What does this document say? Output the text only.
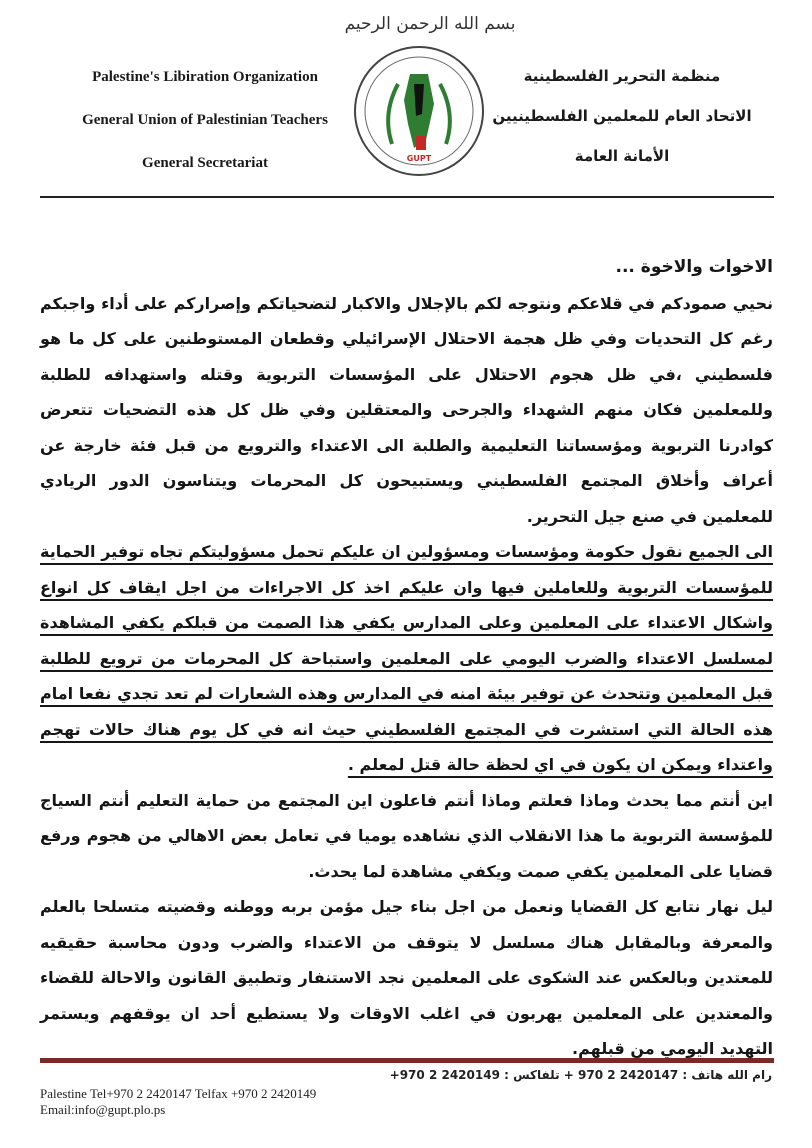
بسم الله الرحمن الرحيم
Palestine's Libiration Organization
General Union of Palestinian Teachers
General Secretariat	GUPT
منظمة التحرير الفلسطينية
الاتحاد العام للمعلمين الفلسطينيين
الأمانة العامة

الاخوات والاخوة ...

نحيي صمودكم في قلاعكم ونتوجه لكم بالإجلال والاكبار لتضحياتكم وإصراركم على أداء واجبكم رغم كل التحديات وفي ظل هجمة الاحتلال الإسرائيلي وقطعان المستوطنين على كل ما هو فلسطيني ،في ظل هجوم الاحتلال على المؤسسات التربوية وقتله واستهدافه للطلبة وللمعلمين فكان منهم الشهداء والجرحى والمعتقلين وفي ظل كل هذه التضحيات تتعرض كوادرنا التربوية ومؤسساتنا التعليمية والطلبة الى الاعتداء والترويع من قبل فئة خارجة عن أعراف وأخلاق المجتمع الفلسطيني ويستبيحون كل المحرمات ويتناسون الدور الريادي للمعلمين في صنع جيل التحرير.

الى الجميع نقول حكومة ومؤسسات ومسؤولين ان عليكم تحمل مسؤوليتكم تجاه توفير الحماية للمؤسسات التربوية وللعاملين فيها وان عليكم اخذ كل الاجراءات من اجل ايقاف كل انواع واشكال الاعتداء على المعلمين وعلى المدارس يكفي هذا الصمت من قبلكم يكفي المشاهدة لمسلسل الاعتداء والضرب اليومي على المعلمين واستباحة كل المحرمات من ترويع للطلبة قبل المعلمين وتتحدث عن توفير بيئة امنه في المدارس وهذه الشعارات لم تعد تجدي نفعا امام هذه الحالة التي استشرت في المجتمع الفلسطيني حيث انه في كل يوم هناك حالات تهجم واعتداء ويمكن ان يكون في اي لحظة حالة قتل لمعلم .

اين أنتم مما يحدث وماذا فعلتم وماذا أنتم فاعلون اين المجتمع من حماية التعليم أنتم السياج للمؤسسة التربوية ما هذا الانقلاب الذي نشاهده يوميا في تعامل بعض الاهالي من هجوم ورفع قضايا على المعلمين يكفي صمت ويكفي مشاهدة لما يحدث.

ليل نهار نتابع كل القضايا ونعمل من اجل بناء جيل مؤمن بربه ووطنه وقضيته متسلحا بالعلم والمعرفة وبالمقابل هناك مسلسل لا يتوقف من الاعتداء والضرب ودون محاسبة حقيقيه للمعتدين وبالعكس عند الشكوى على المعلمين نجد الاستنفار وتطبيق القانون والاحالة للقضاء والمعتدين على المعلمين يهربون في اغلب الاوقات ولا يستطيع أحد ان يوقفهم ويستمر التهديد اليومي من قبلهم.

رام الله هاتف : 2420147 2 970 + تلفاكس : 2420149 2 970+
Palestine Tel+970 2 2420147 Telfax +970 2 2420149
Email:info@gupt.plo.ps
